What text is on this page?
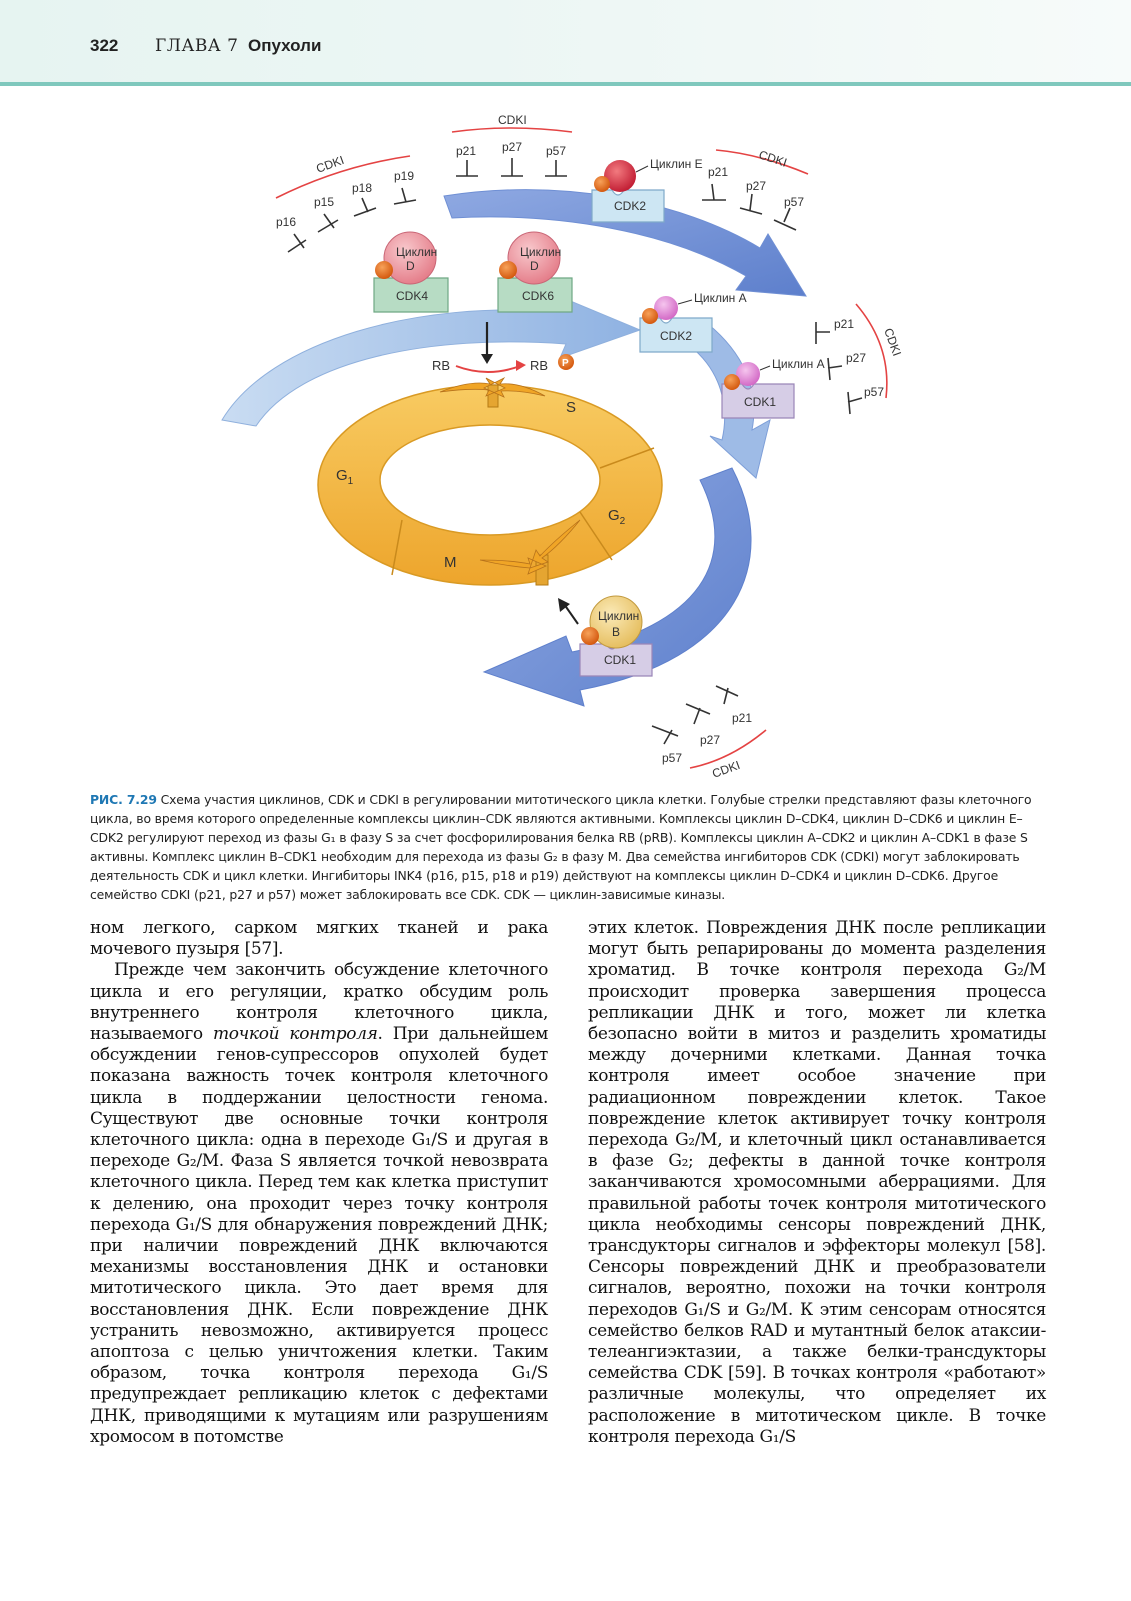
322 ГЛАВА 7 Опухоли
$G_1$
S
$G_2$
M
RB	RB P
CDKI
p21 p27 p57
CDKI
p16
p15
p18
p19
CDKI
p21
p27
p57
CDKI
p21
p27
p57
CDKI
p21
p27
p57
Циклин
D
CDK4
Циклин
D
CDK6
Циклин E
CDK2
Циклин A
CDK2
Циклин A
CDK1
Циклин
B
CDK1
РИС. 7.29 Схема участия циклинов, CDK и CDKI в регулировании митотического цикла клетки. Голубые стрелки представляют фазы клеточного цикла, во время которого определенные комплексы циклин–CDK являются активными. Комплексы циклин D–CDK4, циклин D–CDK6 и циклин E–CDK2 регулируют переход из фазы G₁ в фазу S за счет фосфорилирования белка RB (pRB). Комплексы циклин A–CDK2 и циклин A–CDK1 в фазе S активны. Комплекс циклин B–CDK1 необходим для перехода из фазы G₂ в фазу M. Два семейства ингибиторов CDK (CDKI) могут заблокировать деятельность CDK и цикл клетки. Ингибиторы INK4 (p16, p15, p18 и p19) действуют на комплексы циклин D–CDK4 и циклин D–CDK6. Другое семейство CDKI (p21, p27 и p57) может заблокировать все CDK. CDK — циклин-зависимые киназы.

ном легкого, сарком мягких тканей и рака мочевого пузыря [57].

Прежде чем закончить обсуждение клеточного цикла и его регуляции, кратко обсудим роль внутреннего контроля клеточного цикла, называемого точкой контроля. При дальнейшем обсуждении генов-супрессоров опухолей будет показана важность точек контроля клеточного цикла в поддержании целостности генома. Существуют две основные точки контроля клеточного цикла: одна в переходе G₁/S и другая в переходе G₂/M. Фаза S является точкой невозврата клеточного цикла. Перед тем как клетка приступит к делению, она проходит через точку контроля перехода G₁/S для обнаружения повреждений ДНК; при наличии повреждений ДНК включаются механизмы восстановления ДНК и остановки митотического цикла. Это дает время для восстановления ДНК. Если повреждение ДНК устранить невозможно, активируется процесс апоптоза с целью уничтожения клетки. Таким образом, точка контроля перехода G₁/S предупреждает репликацию клеток с дефектами ДНК, приводящими к мутациям или разрушениям хромосом в потомстве

этих клеток. Повреждения ДНК после репликации могут быть репарированы до момента разделения хроматид. В точке контроля перехода G₂/M происходит проверка завершения процесса репликации ДНК и того, может ли клетка безопасно войти в митоз и разделить хроматиды между дочерними клетками. Данная точка контроля имеет особое значение при радиационном повреждении клеток. Такое повреждение клеток активирует точку контроля перехода G₂/M, и клеточный цикл останавливается в фазе G₂; дефекты в данной точке контроля заканчиваются хромосомными аберрациями. Для правильной работы точек контроля митотического цикла необходимы сенсоры повреждений ДНК, трансдукторы сигналов и эффекторы молекул [58]. Сенсоры повреждений ДНК и преобразователи сигналов, вероятно, похожи на точки контроля переходов G₁/S и G₂/M. К этим сенсорам относятся семейство белков RAD и мутантный белок атаксии-телеангиэктазии, а также белки-трансдукторы семейства CDK [59]. В точках контроля «работают» различные молекулы, что определяет их расположение в митотическом цикле. В точке контроля перехода G₁/S
